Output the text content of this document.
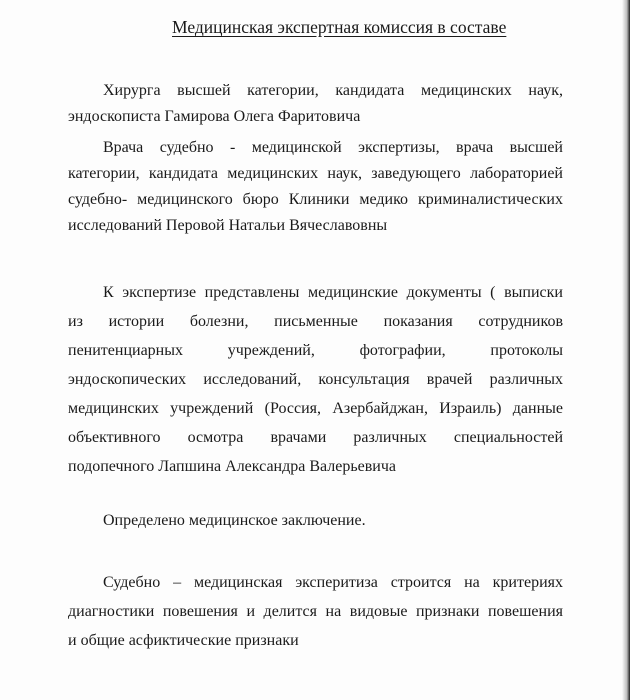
Медицинская экспертная комиссия в составе
Хирурга высшей категории, кандидата медицинских наук,
эндоскописта Гамирова Олега Фаритовича
Врача судебно - медицинской экспертизы, врача высшей
категории, кандидата медицинских наук, заведующего лабораторией
судебно- медицинского бюро Клиники медико криминалистических
исследований Перовой Натальи Вячеславовны
К экспертизе представлены медицинские документы ( выписки
из истории болезни, письменные показания сотрудников
пенитенциарных учреждений, фотографии, протоколы
эндоскопических исследований, консультация врачей различных
медицинских учреждений (Россия, Азербайджан, Израиль) данные
объективного осмотра врачами различных специальностей
подопечного Лапшина Александра Валерьевича
Определено медицинское заключение.
Судебно – медицинская эксперитиза строится на критериях
диагностики повешения и делится на видовые признаки повешения
и общие асфиктические признаки
